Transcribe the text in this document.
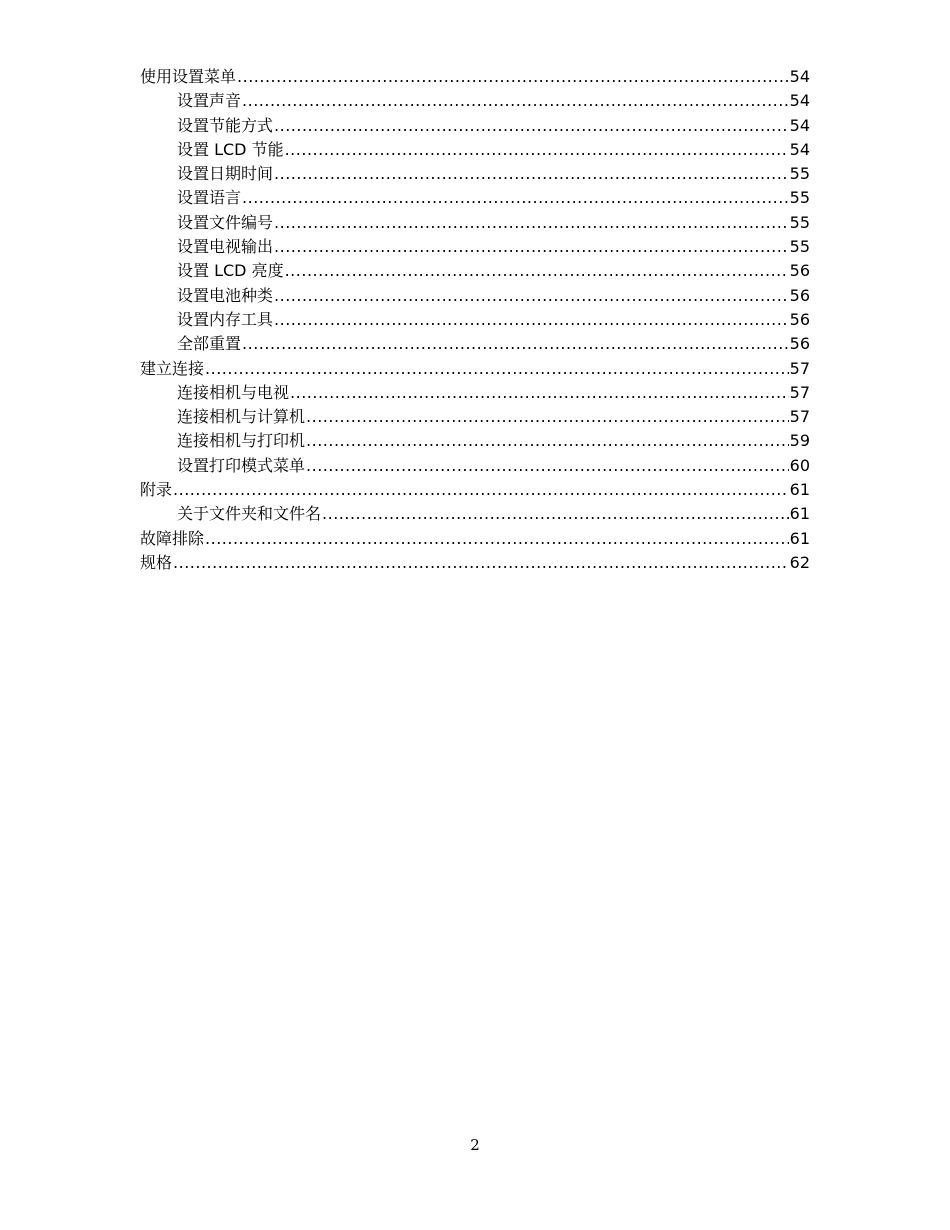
使用设置菜单 .....	54
设置声音 .....	54
设置节能方式 .....	54
设置 LCD 节能 .....	54
设置日期时间 .....	55
设置语言 .....	55
设置文件编号 .....	55
设置电视输出 .....	55
设置 LCD 亮度 .....	56
设置电池种类 .....	56
设置内存工具 .....	56
全部重置 .....	56
建立连接 .....	57
连接相机与电视 .....	57
连接相机与计算机 .....	57
连接相机与打印机 .....	59
设置打印模式菜单 .....	60
附录 .....	61
关于文件夹和文件名 .....	61
故障排除 .....	61
规格 .....	62
2
